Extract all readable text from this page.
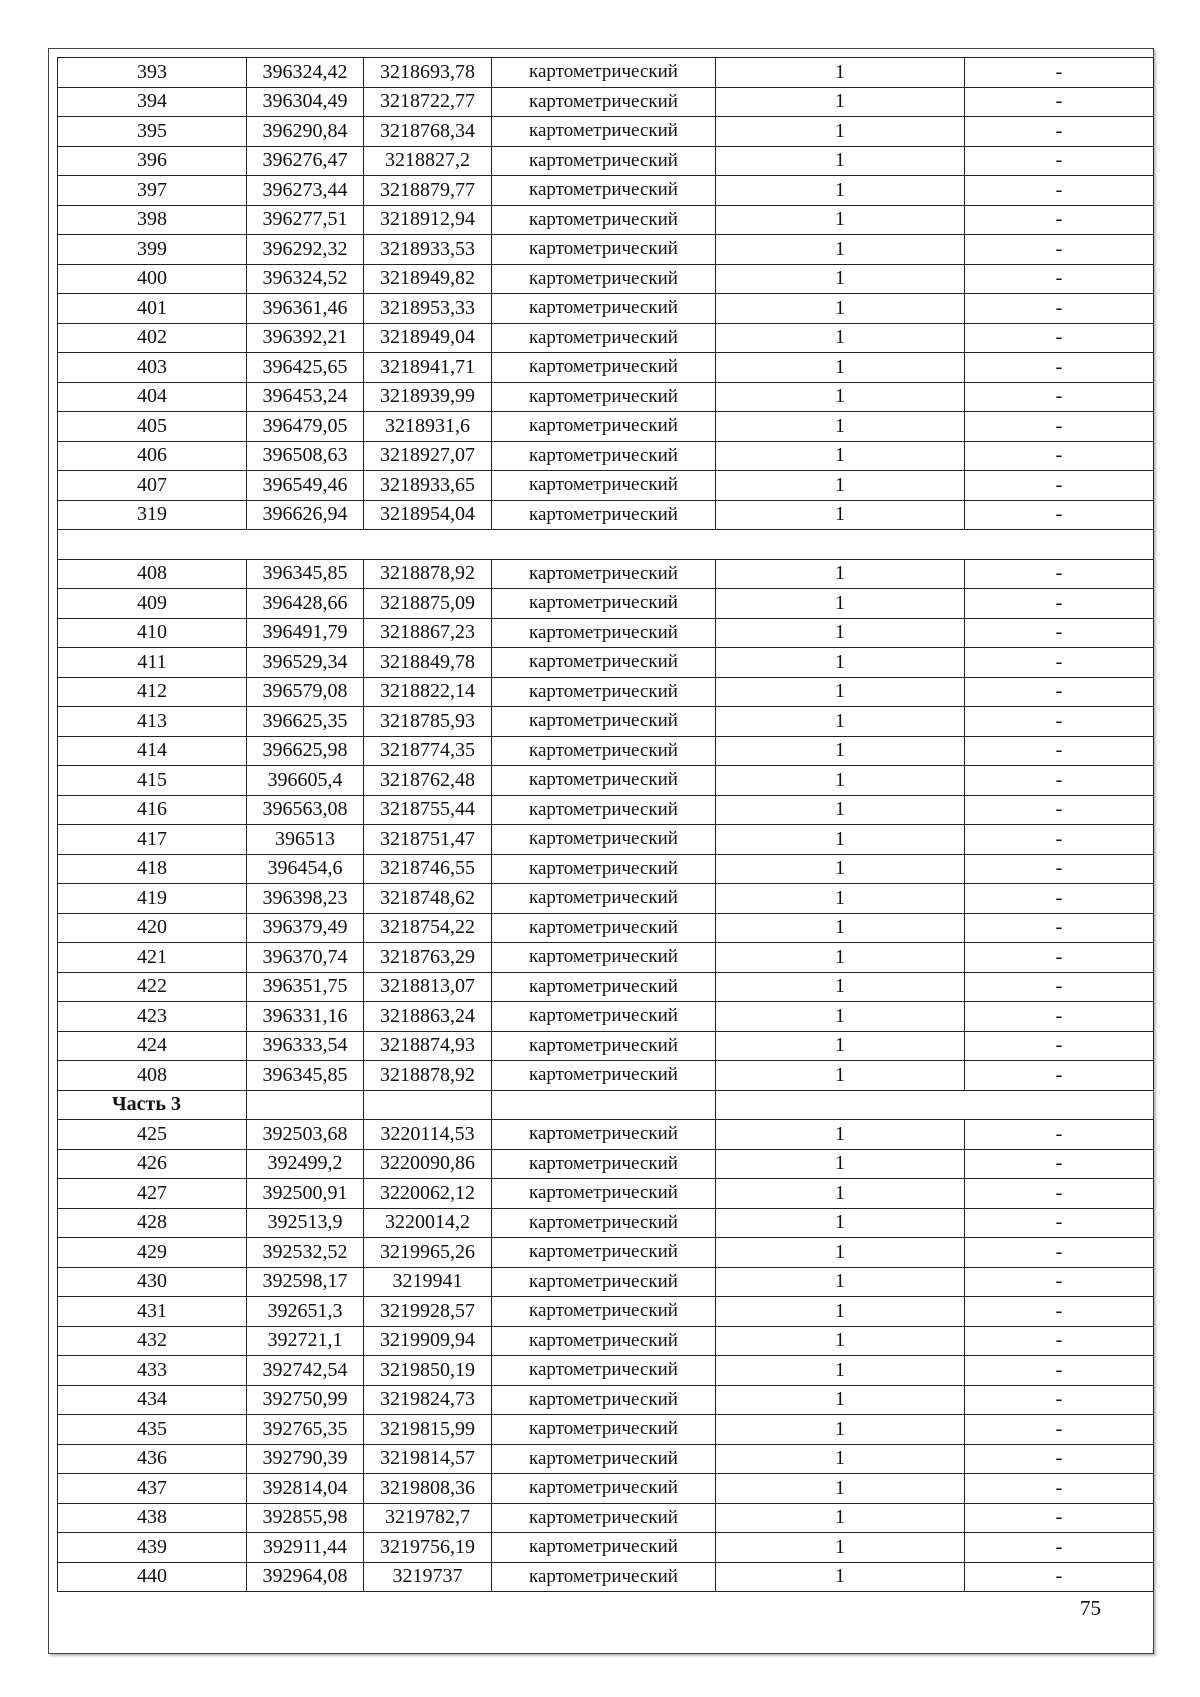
393	396324,42	3218693,78	картометрический	1	-
394	396304,49	3218722,77	картометрический	1	-
395	396290,84	3218768,34	картометрический	1	-
396	396276,47	3218827,2	картометрический	1	-
397	396273,44	3218879,77	картометрический	1	-
398	396277,51	3218912,94	картометрический	1	-
399	396292,32	3218933,53	картометрический	1	-
400	396324,52	3218949,82	картометрический	1	-
401	396361,46	3218953,33	картометрический	1	-
402	396392,21	3218949,04	картометрический	1	-
403	396425,65	3218941,71	картометрический	1	-
404	396453,24	3218939,99	картометрический	1	-
405	396479,05	3218931,6	картометрический	1	-
406	396508,63	3218927,07	картометрический	1	-
407	396549,46	3218933,65	картометрический	1	-
319	396626,94	3218954,04	картометрический	1	-

408	396345,85	3218878,92	картометрический	1	-
409	396428,66	3218875,09	картометрический	1	-
410	396491,79	3218867,23	картометрический	1	-
411	396529,34	3218849,78	картометрический	1	-
412	396579,08	3218822,14	картометрический	1	-
413	396625,35	3218785,93	картометрический	1	-
414	396625,98	3218774,35	картометрический	1	-
415	396605,4	3218762,48	картометрический	1	-
416	396563,08	3218755,44	картометрический	1	-
417	396513	3218751,47	картометрический	1	-
418	396454,6	3218746,55	картометрический	1	-
419	396398,23	3218748,62	картометрический	1	-
420	396379,49	3218754,22	картометрический	1	-
421	396370,74	3218763,29	картометрический	1	-
422	396351,75	3218813,07	картометрический	1	-
423	396331,16	3218863,24	картометрический	1	-
424	396333,54	3218874,93	картометрический	1	-
408	396345,85	3218878,92	картометрический	1	-
Часть 3					
425	392503,68	3220114,53	картометрический	1	-
426	392499,2	3220090,86	картометрический	1	-
427	392500,91	3220062,12	картометрический	1	-
428	392513,9	3220014,2	картометрический	1	-
429	392532,52	3219965,26	картометрический	1	-
430	392598,17	3219941	картометрический	1	-
431	392651,3	3219928,57	картометрический	1	-
432	392721,1	3219909,94	картометрический	1	-
433	392742,54	3219850,19	картометрический	1	-
434	392750,99	3219824,73	картометрический	1	-
435	392765,35	3219815,99	картометрический	1	-
436	392790,39	3219814,57	картометрический	1	-
437	392814,04	3219808,36	картометрический	1	-
438	392855,98	3219782,7	картометрический	1	-
439	392911,44	3219756,19	картометрический	1	-
440	392964,08	3219737	картометрический	1	-
75
